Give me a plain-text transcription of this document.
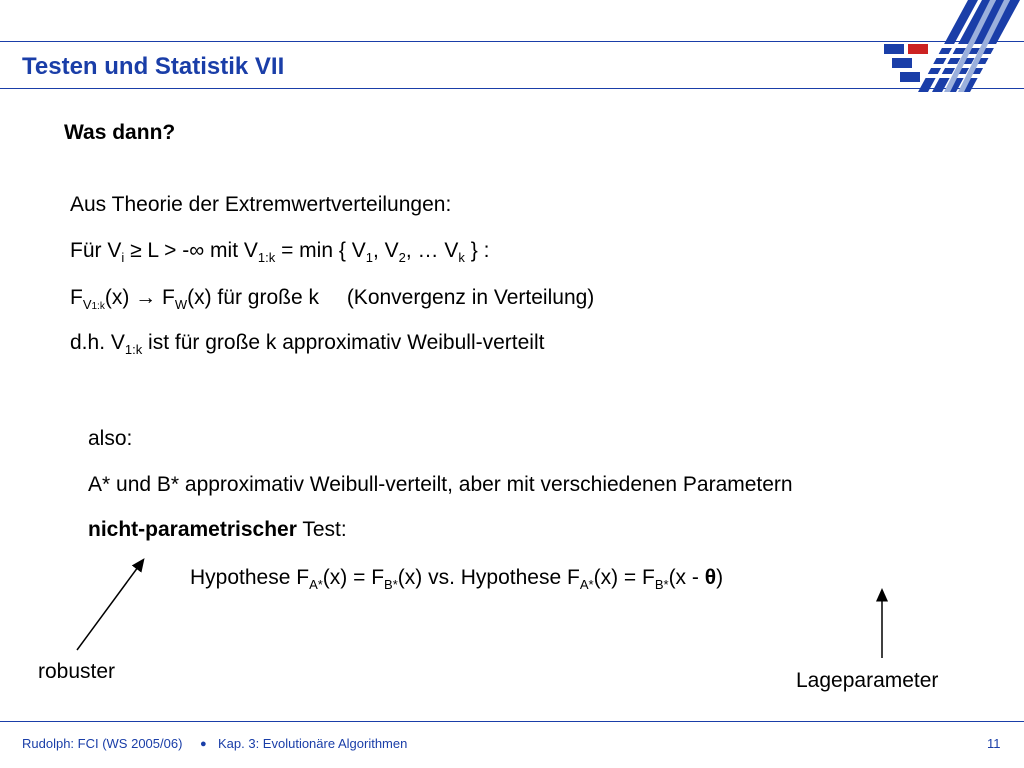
Testen und Statistik VII
Was dann?
Aus Theorie der Extremwertverteilungen:
Für $V_i \ge L$ > -∞ mit $V_{1:k} = \min$ { $V_1$, $V_2$, … $V_k$ } :
$F_{V1:k}(x) \to F_W(x)$ für große k (Konvergenz in Verteilung)
d.h. $V_{1:k}$ ist für große k approximativ Weibull-verteilt
also:
A* und B* approximativ Weibull-verteilt, aber mit verschiedenen Parametern
nicht-parametrischer Test:
Hypothese $F_{A*}(x) = F_{B*}(x)$ vs. Hypothese $F_{A*}(x) = F_{B*}(x - \theta)$
robuster	Lageparameter
Rudolph: FCI (WS 2005/06) ● Kap. 3: Evolutionäre Algorithmen	11
